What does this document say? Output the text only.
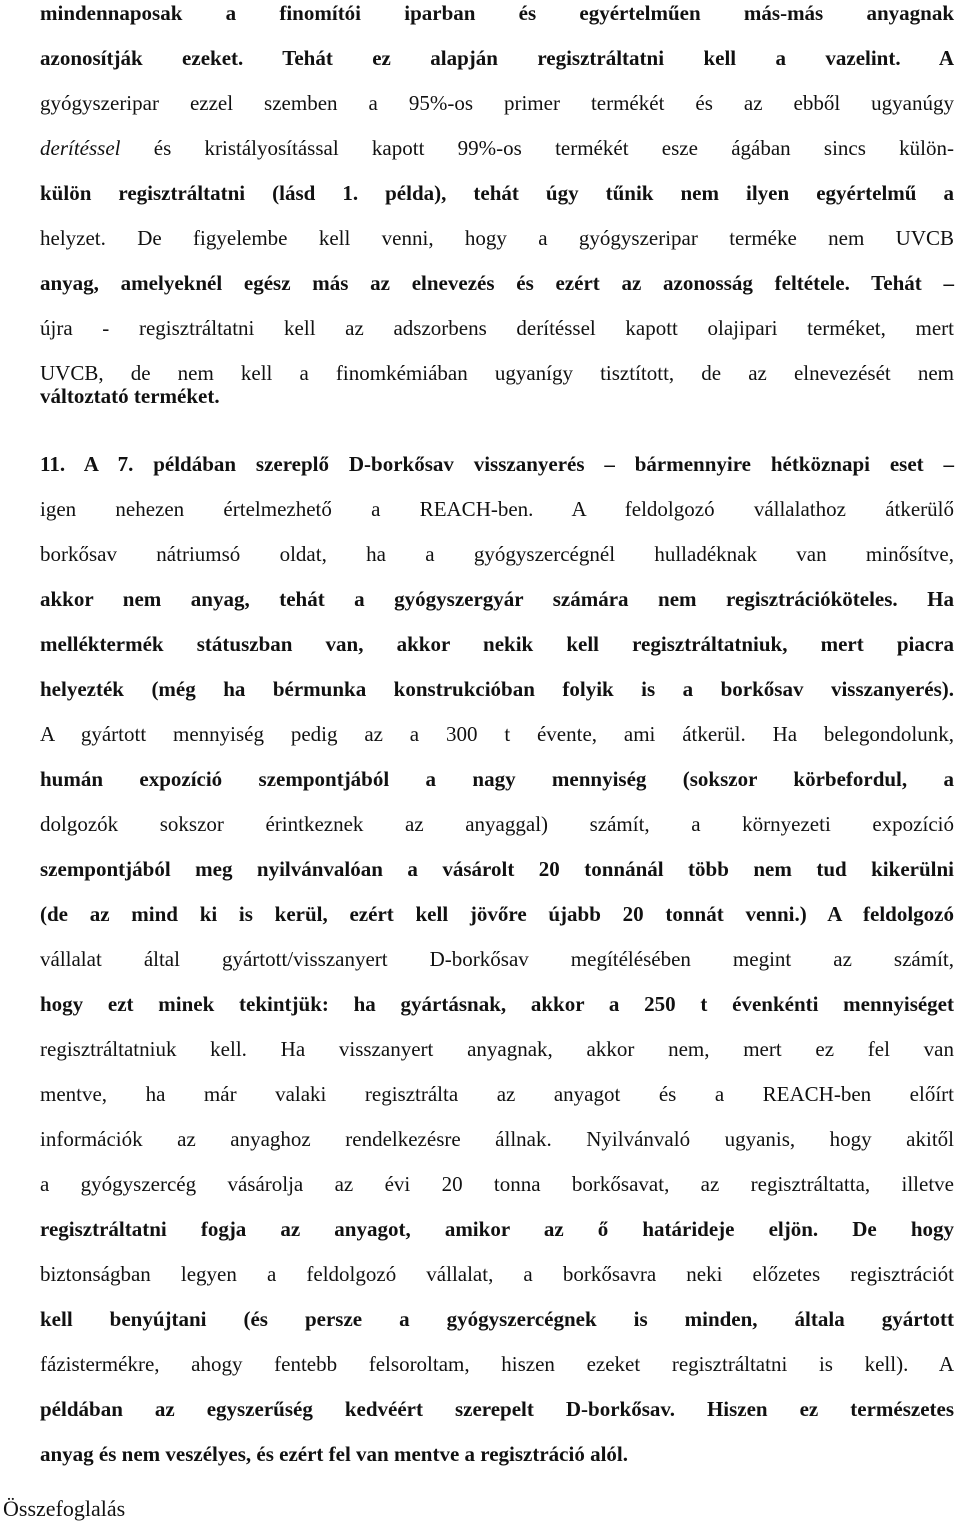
mindennaposak a finomítói iparban és egyértelműen más-más anyagnak
azonosítják ezeket. Tehát ez alapján regisztráltatni kell a vazelint. A
gyógyszeripar ezzel szemben a 95%-os primer termékét és az ebből ugyanúgy
derítéssel és kristályosítással kapott 99%-os termékét esze ágában sincs külön-
külön regisztráltatni (lásd 1. példa), tehát úgy tűnik nem ilyen egyértelmű a
helyzet. De figyelembe kell venni, hogy a gyógyszeripar terméke nem UVCB
anyag, amelyeknél egész más az elnevezés és ezért az azonosság feltétele. Tehát –
újra - regisztráltatni kell az adszorbens derítéssel kapott olajipari terméket, mert
UVCB, de nem kell a finomkémiában ugyanígy tisztított, de az elnevezését nem
változtató terméket.
11. A 7. példában szereplő D-borkősav visszanyerés – bármennyire hétköznapi eset –
igen nehezen értelmezhető a REACH-ben. A feldolgozó vállalathoz átkerülő
borkősav nátriumsó oldat, ha a gyógyszercégnél hulladéknak van minősítve,
akkor nem anyag, tehát a gyógyszergyár számára nem regisztrációköteles. Ha
melléktermék státuszban van, akkor nekik kell regisztráltatniuk, mert piacra
helyezték (még ha bérmunka konstrukcióban folyik is a borkősav visszanyerés).
A gyártott mennyiség pedig az a 300 t évente, ami átkerül. Ha belegondolunk,
humán expozíció szempontjából a nagy mennyiség (sokszor körbefordul, a
dolgozók sokszor érintkeznek az anyaggal) számít, a környezeti expozíció
szempontjából meg nyilvánvalóan a vásárolt 20 tonnánál több nem tud kikerülni
(de az mind ki is kerül, ezért kell jövőre újabb 20 tonnát venni.) A feldolgozó
vállalat által gyártott/visszanyert D-borkősav megítélésében megint az számít,
hogy ezt minek tekintjük: ha gyártásnak, akkor a 250 t évenkénti mennyiséget
regisztráltatniuk kell. Ha visszanyert anyagnak, akkor nem, mert ez fel van
mentve, ha már valaki regisztrálta az anyagot és a REACH-ben előírt
információk az anyaghoz rendelkezésre állnak. Nyilvánvaló ugyanis, hogy akitől
a gyógyszercég vásárolja az évi 20 tonna borkősavat, az regisztráltatta, illetve
regisztráltatni fogja az anyagot, amikor az ő határideje eljön. De hogy
biztonságban legyen a feldolgozó vállalat, a borkősavra neki előzetes regisztrációt
kell benyújtani (és persze a gyógyszercégnek is minden, általa gyártott
fázistermékre, ahogy fentebb felsoroltam, hiszen ezeket regisztráltatni is kell). A
példában az egyszerűség kedvéért szerepelt D-borkősav. Hiszen ez természetes
anyag és nem veszélyes, és ezért fel van mentve a regisztráció alól.
Összefoglalás
